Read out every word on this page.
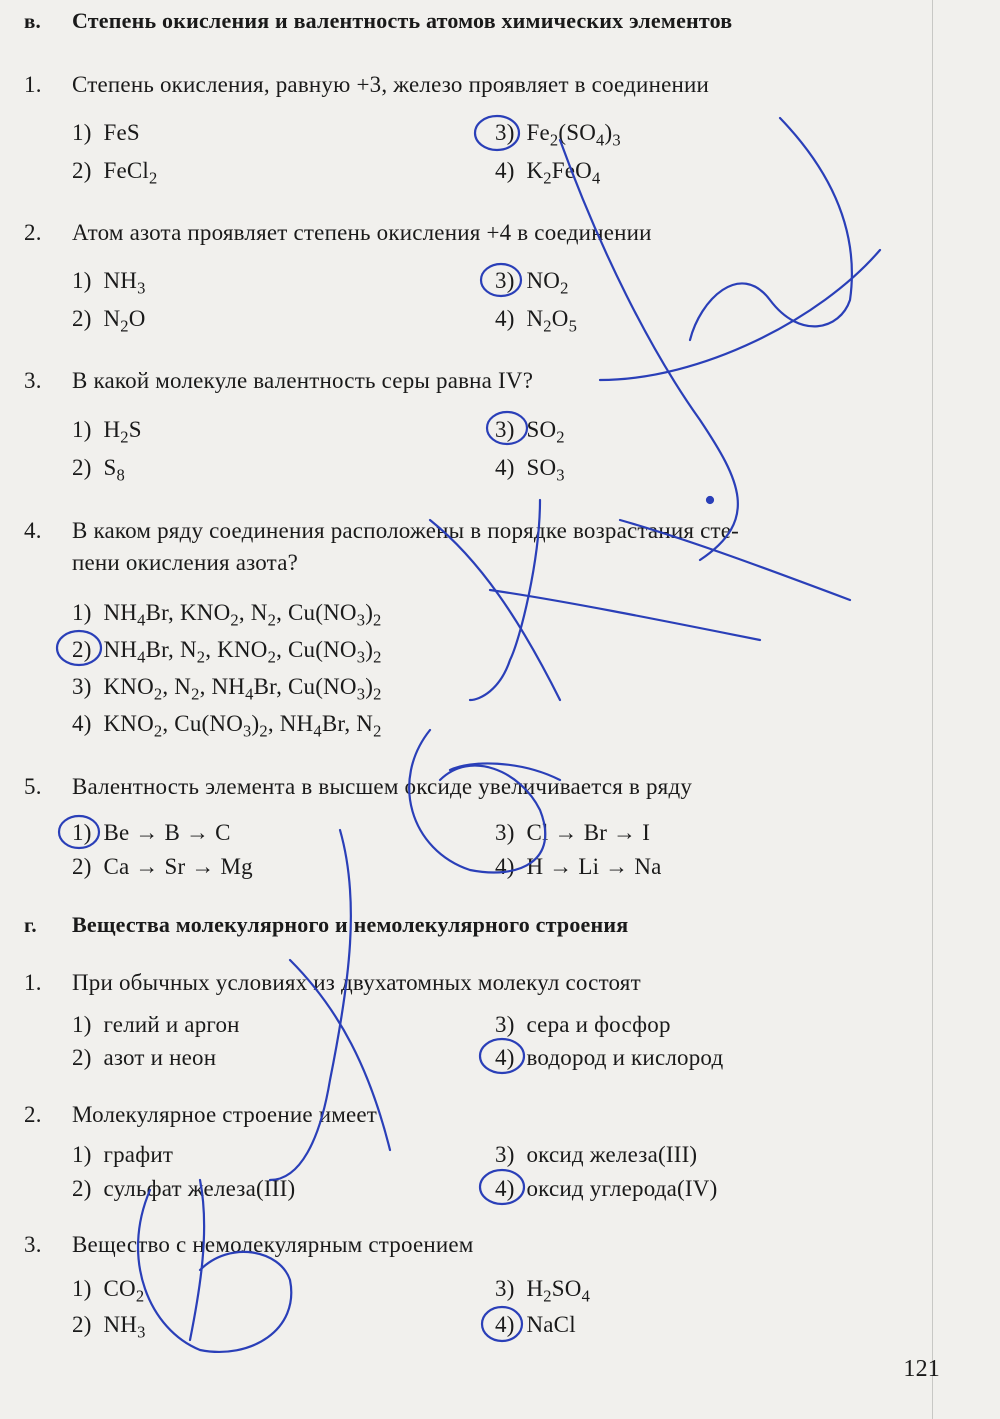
в. Степень окисления и валентность атомов химических элементов
1. Степень окисления, равную +3, железо проявляет в соединении
1) FeS
2) FeCl$_2$
3) $Fe_2(SO_4)_3$
4) $K_2FeO_4$
2. Атом азота проявляет степень окисления +4 в соединении
1) $NH_3$
2) $N_2O$
3) $NO_2$
4) $N_2O_5$
3. В какой молекуле валентность серы равна IV?
1) $H_2S$
2) $S_8$
3) $SO_2$
4) $SO_3$
4. В каком ряду соединения расположены в порядке возрастания сте-
пени окисления азота?
1) $NH_4Br$, $KNO_2$, $N_2$, $Cu(NO_3)_2$
2) $NH_4Br$, $N_2$, $KNO_2$, $Cu(NO_3)_2$
3) $KNO_2$, $N_2$, $NH_4Br$, $Cu(NO_3)_2$
4) $KNO_2$, $Cu(NO_3)_2$, $NH_4Br$, $N_2$
5. Валентность элемента в высшем оксиде увеличивается в ряду
1) Be → B → C
2) Ca → Sr → Mg
3) Cl → Br → I
4) H → Li → Na
г. Вещества молекулярного и немолекулярного строения
1. При обычных условиях из двухатомных молекул состоят
1) гелий и аргон
2) азот и неон
3) сера и фосфор
4) водород и кислород
2. Молекулярное строение имеет
1) графит
2) сульфат железа(III)
3) оксид железа(III)
4) оксид углерода(IV)
3. Вещество с немолекулярным строением
1) $CO_2$
2) $NH_3$
3) $H_2SO_4$
4) NaCl
121
